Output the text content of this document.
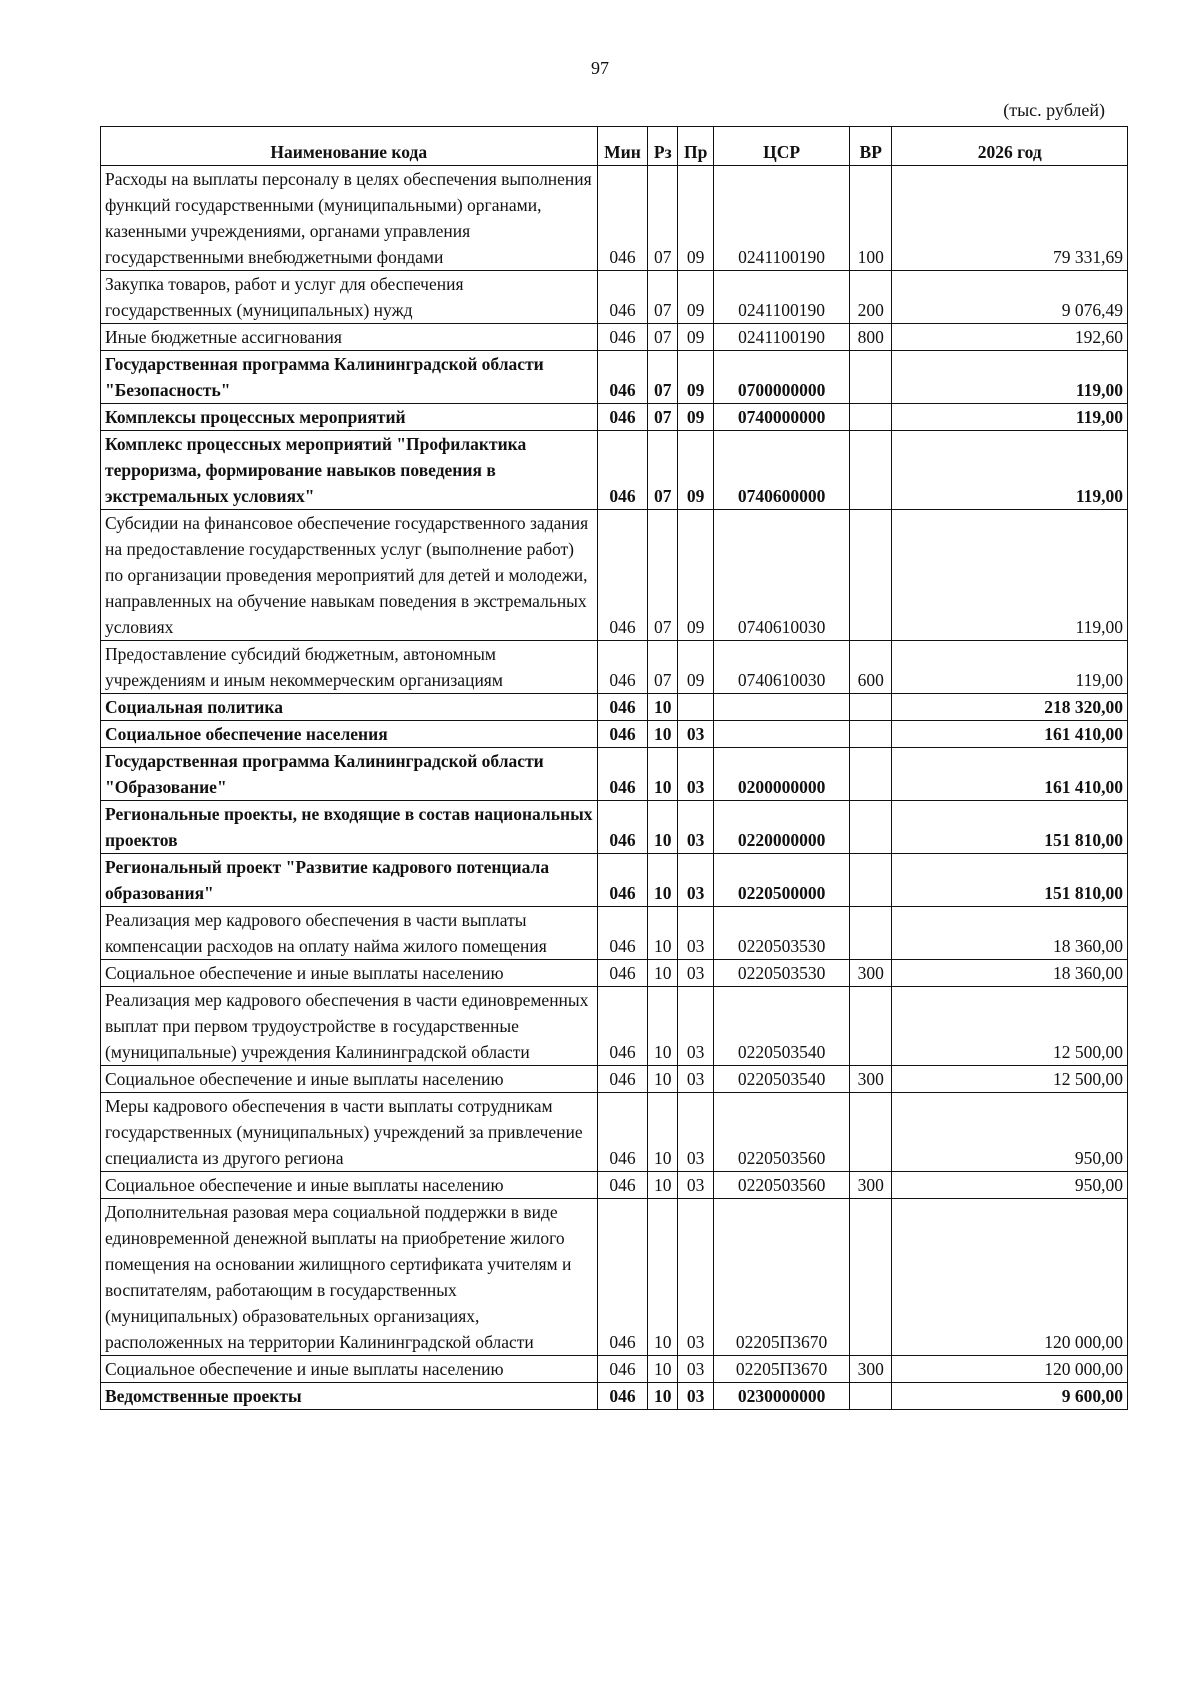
97
(тыс. рублей)
Наименование кода	Мин	Рз	Пр	ЦСР	ВР	2026 год
Расходы на выплаты персоналу в целях обеспечения выполнения функций государственными (муниципальными) органами, казенными учреждениями, органами управления государственными внебюджетными фондами	046	07	09	0241100190	100	79 331,69
Закупка товаров, работ и услуг для обеспечения государственных (муниципальных) нужд	046	07	09	0241100190	200	9 076,49
Иные бюджетные ассигнования	046	07	09	0241100190	800	192,60
Государственная программа Калининградской области "Безопасность"	046	07	09	0700000000		119,00
Комплексы процессных мероприятий	046	07	09	0740000000		119,00
Комплекс процессных мероприятий "Профилактика терроризма, формирование навыков поведения в экстремальных условиях"	046	07	09	0740600000		119,00
Субсидии на финансовое обеспечение государственного задания на предоставление государственных услуг (выполнение работ) по организации проведения мероприятий для детей и молодежи, направленных на обучение навыкам поведения в экстремальных условиях	046	07	09	0740610030		119,00
Предоставление субсидий бюджетным, автономным учреждениям и иным некоммерческим организациям	046	07	09	0740610030	600	119,00
Социальная политика	046	10				218 320,00
Социальное обеспечение населения	046	10	03			161 410,00
Государственная программа Калининградской области "Образование"	046	10	03	0200000000		161 410,00
Региональные проекты, не входящие в состав национальных проектов	046	10	03	0220000000		151 810,00
Региональный проект "Развитие кадрового потенциала образования"	046	10	03	0220500000		151 810,00
Реализация мер кадрового обеспечения в части выплаты компенсации расходов на оплату найма жилого помещения	046	10	03	0220503530		18 360,00
Социальное обеспечение и иные выплаты населению	046	10	03	0220503530	300	18 360,00
Реализация мер кадрового обеспечения в части единовременных выплат при первом трудоустройстве в государственные (муниципальные) учреждения Калининградской области	046	10	03	0220503540		12 500,00
Социальное обеспечение и иные выплаты населению	046	10	03	0220503540	300	12 500,00
Меры кадрового обеспечения в части выплаты сотрудникам государственных (муниципальных) учреждений за привлечение специалиста из другого региона	046	10	03	0220503560		950,00
Социальное обеспечение и иные выплаты населению	046	10	03	0220503560	300	950,00
Дополнительная разовая мера социальной поддержки в виде единовременной денежной выплаты на приобретение жилого помещения на основании жилищного сертификата учителям и воспитателям, работающим в государственных (муниципальных) образовательных организациях, расположенных на территории Калининградской области	046	10	03	02205П3670		120 000,00
Социальное обеспечение и иные выплаты населению	046	10	03	02205П3670	300	120 000,00
Ведомственные проекты	046	10	03	0230000000		9 600,00
